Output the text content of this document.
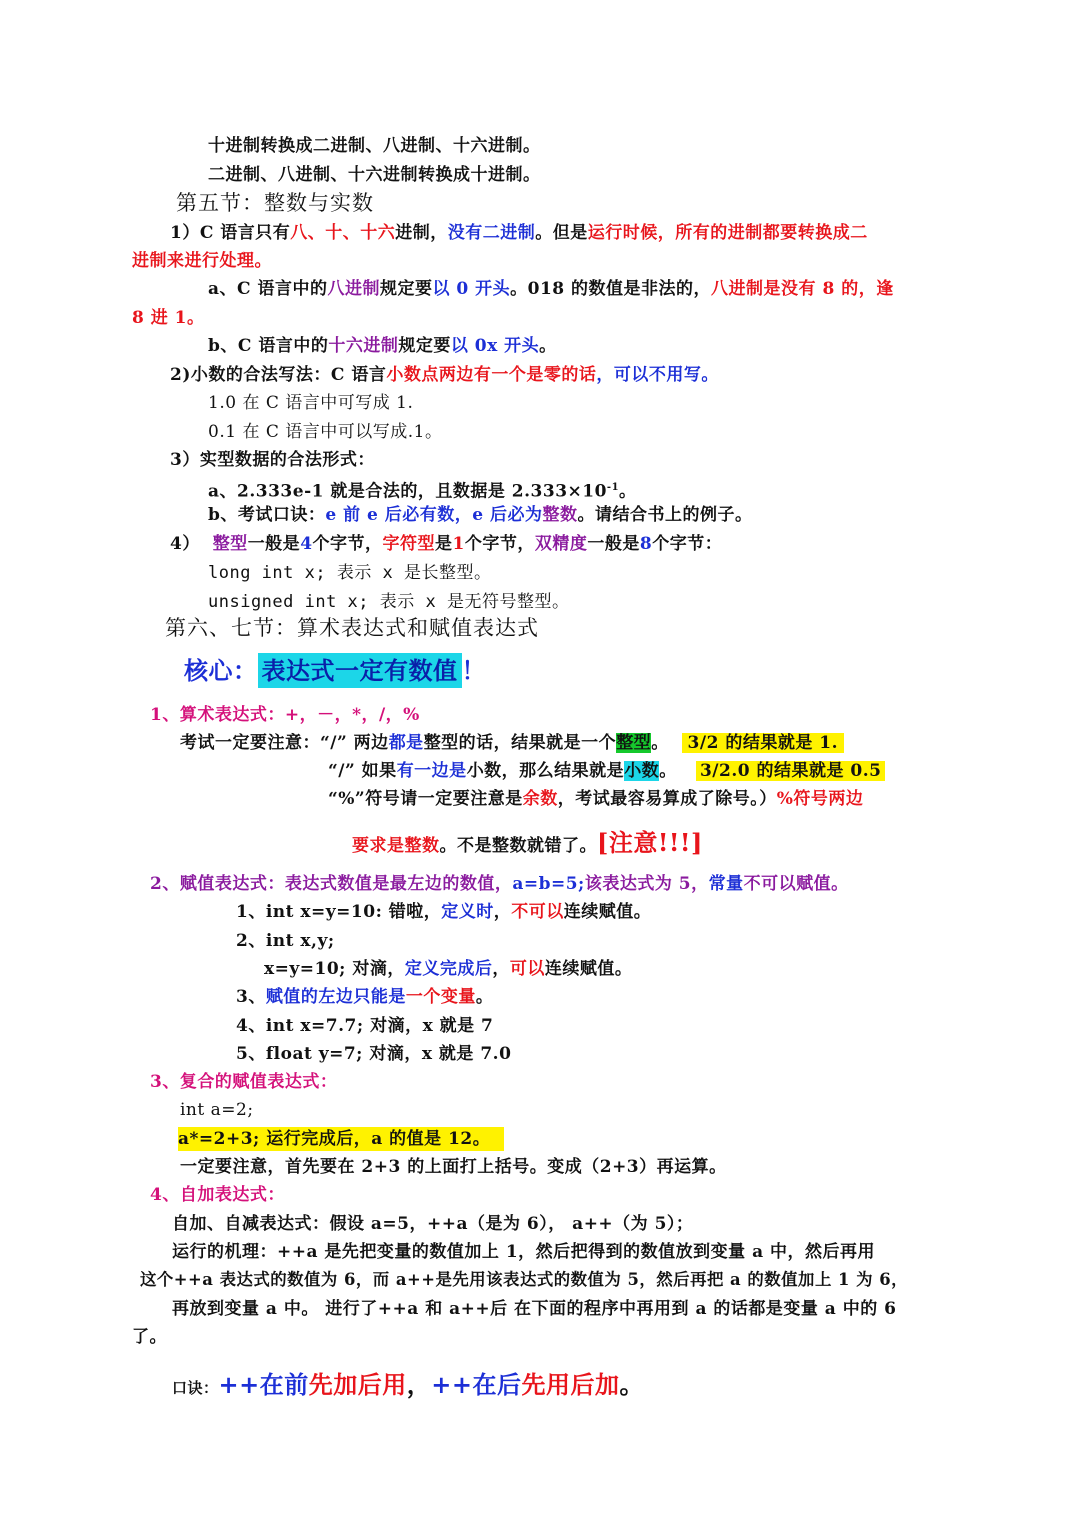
十进制转换成二进制、八进制、十六进制。
二进制、八进制、十六进制转换成十进制。
第五节：整数与实数
1）C 语言只有八、十、十六进制，没有二进制。但是运行时候，所有的进制都要转换成二
进制来进行处理。
a、C 语言中的八进制规定要以 0 开头。018 的数值是非法的，八进制是没有 8 的，逢
8 进 1。
b、C 语言中的十六进制规定要以 0x 开头。
2)小数的合法写法：C 语言小数点两边有一个是零的话，可以不用写。
1.0 在 C 语言中可写成 1.
0.1 在 C 语言中可以写成.1。
3）实型数据的合法形式：
a、2.333e-1 就是合法的，且数据是 $2.333\times 10^{-1}$。
b、考试口诀：e 前 e 后必有数，e 后必为整数。请结合书上的例子。
4） 整型一般是4个字节，字符型是1个字节，双精度一般是8个字节：
long int x; 表示 x 是长整型。
unsigned int x; 表示 x 是无符号整型。
第六、七节：算术表达式和赋值表达式
核心： 表达式一定有数值 ！
1、算术表达式：+，－，*，/，%
考试一定要注意：“/” 两边都是整型的话，结果就是一个整型。 3/2 的结果就是 1.
“/” 如果有一边是小数，那么结果就是小数。 3/2.0 的结果就是 0.5
“%”符号请一定要注意是余数，考试最容易算成了除号。）%符号两边
要求是整数。不是整数就错了。[注意!!!]
2、赋值表达式：表达式数值是最左边的数值，a=b=5;该表达式为 5，常量不可以赋值。
1、int x=y=10: 错啦，定义时，不可以连续赋值。
2、int x,y;
x=y=10; 对滴，定义完成后，可以连续赋值。
3、赋值的左边只能是一个变量。
4、int x=7.7; 对滴，x 就是 7
5、float y=7; 对滴，x 就是 7.0
3、复合的赋值表达式：
int a=2;
a*=2+3; 运行完成后，a 的值是 12。
一定要注意，首先要在 2+3 的上面打上括号。变成（2+3）再运算。
4、自加表达式：
自加、自减表达式：假设 a=5，++a（是为 6）， a++（为 5）；
运行的机理：++a 是先把变量的数值加上 1，然后把得到的数值放到变量 a 中，然后再用
这个++a 表达式的数值为 6，而 a++是先用该表达式的数值为 5，然后再把 a 的数值加上 1 为 6，
再放到变量 a 中。 进行了++a 和 a++后 在下面的程序中再用到 a 的话都是变量 a 中的 6
了。
口诀：++在前先加后用，++在后先用后加。
